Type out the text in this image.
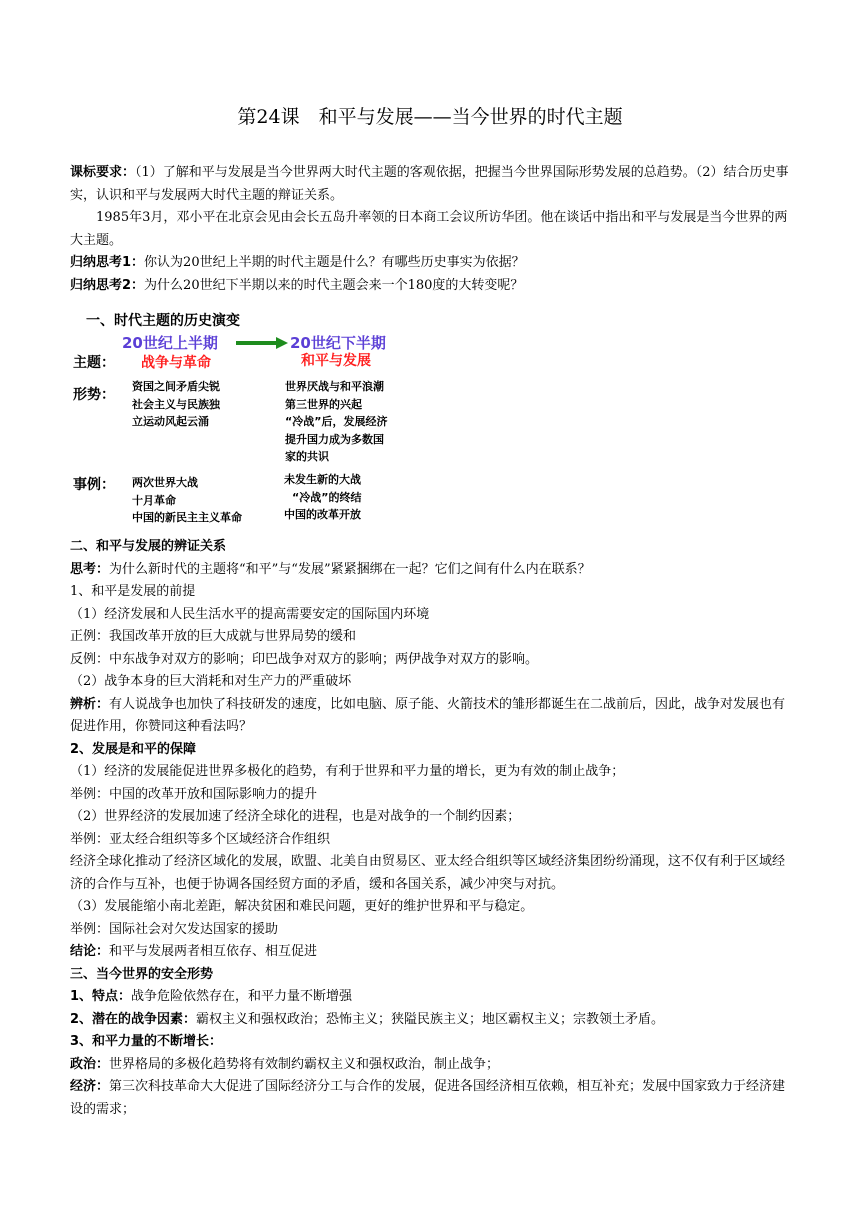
第24课　和平与发展——当今世界的时代主题

课标要求：（1）了解和平与发展是当今世界两大时代主题的客观依据，把握当今世界国际形势发展的总趋势。（2）结合历史事实，认识和平与发展两大时代主题的辩证关系。

1985年3月，邓小平在北京会见由会长五岛升率领的日本商工会议所访华团。他在谈话中指出和平与发展是当今世界的两大主题。

归纳思考1：你认为20世纪上半期的时代主题是什么？有哪些历史事实为依据？

归纳思考2：为什么20世纪下半期以来的时代主题会来一个180度的大转变呢？

一、时代主题的历史演变
20世纪上半期	20世纪下半期
主题： 战争与革命	和平与发展
形势：
资国之间矛盾尖锐
社会主义与民族独
立运动风起云涌
世界厌战与和平浪潮
第三世界的兴起
“冷战”后，发展经济
提升国力成为多数国
家的共识
事例： 两次世界大战
十月革命
中国的新民主主义革命
未发生新的大战
“冷战”的终结
中国的改革开放

二、和平与发展的辨证关系

思考：为什么新时代的主题将“和平”与“发展”紧紧捆绑在一起？它们之间有什么内在联系？

1、和平是发展的前提

（1）经济发展和人民生活水平的提高需要安定的国际国内环境

正例：我国改革开放的巨大成就与世界局势的缓和

反例：中东战争对双方的影响；印巴战争对双方的影响；两伊战争对双方的影响。

（2）战争本身的巨大消耗和对生产力的严重破坏

辨析：有人说战争也加快了科技研发的速度，比如电脑、原子能、火箭技术的雏形都诞生在二战前后，因此，战争对发展也有促进作用，你赞同这种看法吗？

2、发展是和平的保障

（1）经济的发展能促进世界多极化的趋势，有利于世界和平力量的增长，更为有效的制止战争；

举例：中国的改革开放和国际影响力的提升

（2）世界经济的发展加速了经济全球化的进程，也是对战争的一个制约因素；

举例：亚太经合组织等多个区域经济合作组织

经济全球化推动了经济区域化的发展，欧盟、北美自由贸易区、亚太经合组织等区域经济集团纷纷涌现，这不仅有利于区域经济的合作与互补，也便于协调各国经贸方面的矛盾，缓和各国关系，减少冲突与对抗。

（3）发展能缩小南北差距，解决贫困和难民问题，更好的维护世界和平与稳定。

举例：国际社会对欠发达国家的援助

结论：和平与发展两者相互依存、相互促进

三、当今世界的安全形势

1、特点：战争危险依然存在，和平力量不断增强

2、潜在的战争因素：霸权主义和强权政治；恐怖主义；狭隘民族主义；地区霸权主义；宗教领土矛盾。

3、和平力量的不断增长：

政治：世界格局的多极化趋势将有效制约霸权主义和强权政治，制止战争；

经济：第三次科技革命大大促进了国际经济分工与合作的发展，促进各国经济相互依赖，相互补充；发展中国家致力于经济建设的需求；
